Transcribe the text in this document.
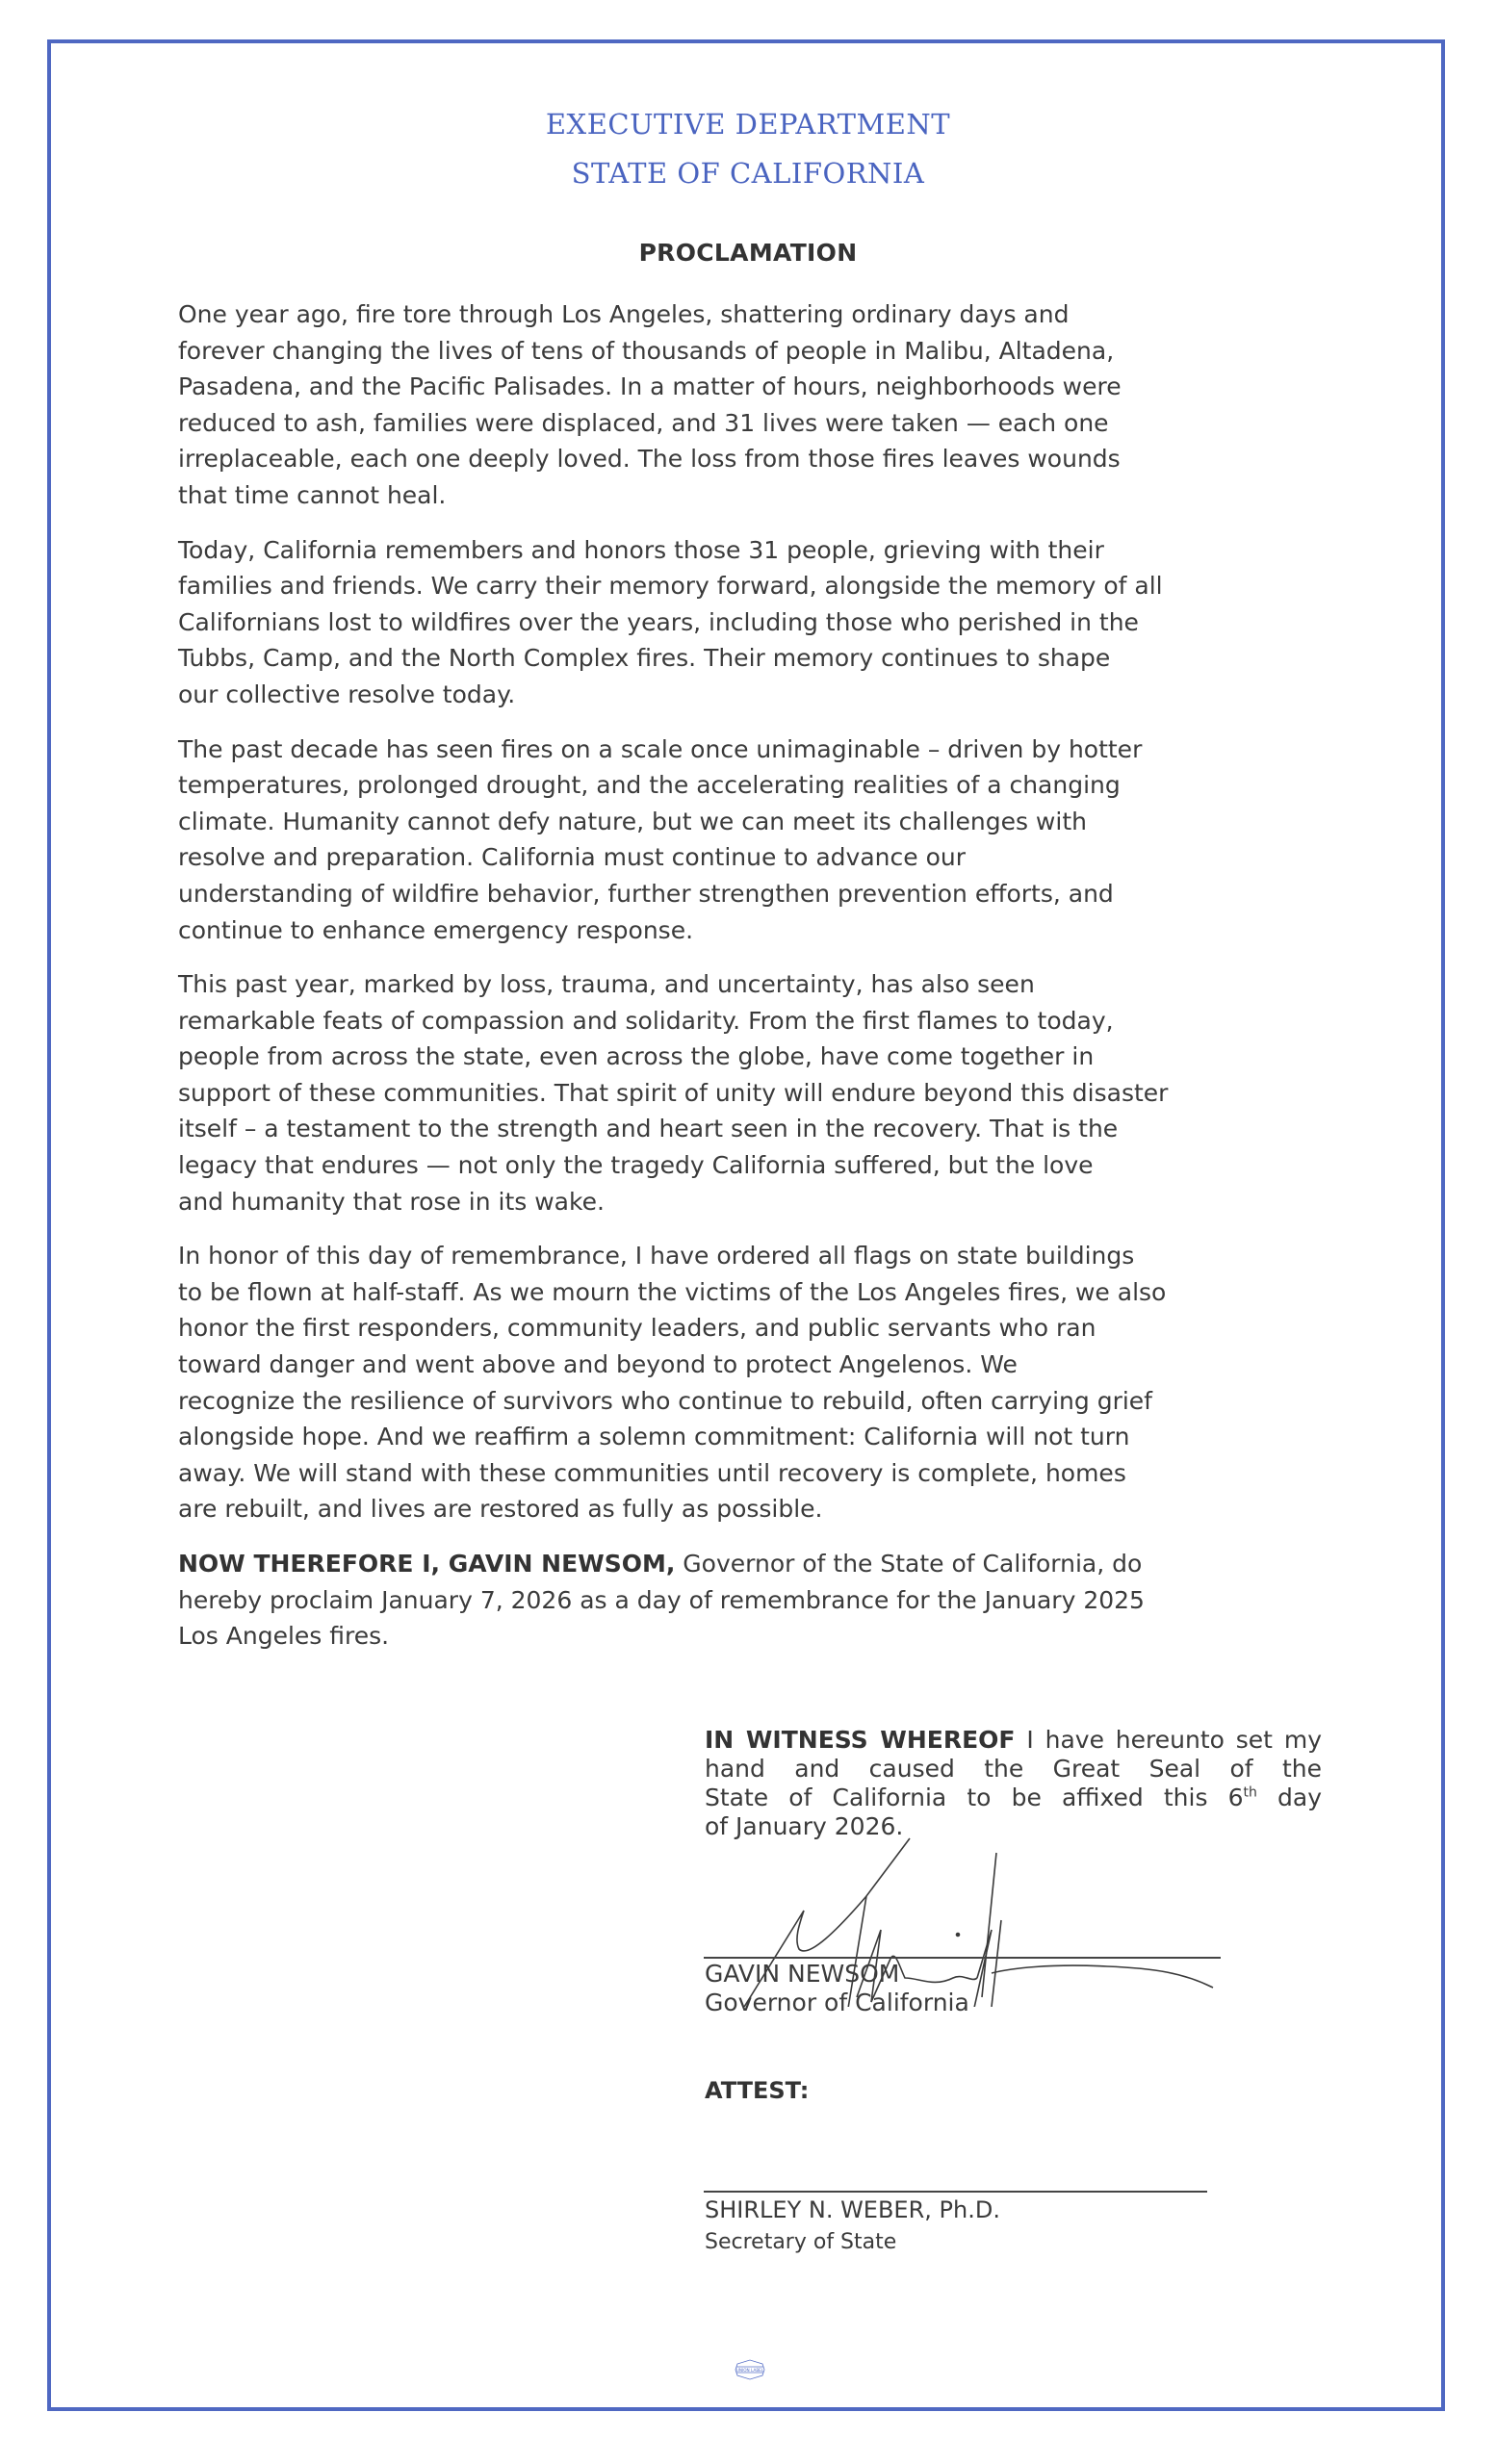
EXECUTIVE DEPARTMENT
STATE OF CALIFORNIA
PROCLAMATION
One year ago, fire tore through Los Angeles, shattering ordinary days and
forever changing the lives of tens of thousands of people in Malibu, Altadena,
Pasadena, and the Pacific Palisades. In a matter of hours, neighborhoods were
reduced to ash, families were displaced, and 31 lives were taken — each one
irreplaceable, each one deeply loved. The loss from those fires leaves wounds
that time cannot heal.
Today, California remembers and honors those 31 people, grieving with their
families and friends. We carry their memory forward, alongside the memory of all
Californians lost to wildfires over the years, including those who perished in the
Tubbs, Camp, and the North Complex fires. Their memory continues to shape
our collective resolve today.
The past decade has seen fires on a scale once unimaginable – driven by hotter
temperatures, prolonged drought, and the accelerating realities of a changing
climate. Humanity cannot defy nature, but we can meet its challenges with
resolve and preparation. California must continue to advance our
understanding of wildfire behavior, further strengthen prevention efforts, and
continue to enhance emergency response.
This past year, marked by loss, trauma, and uncertainty, has also seen
remarkable feats of compassion and solidarity. From the first flames to today,
people from across the state, even across the globe, have come together in
support of these communities. That spirit of unity will endure beyond this disaster
itself – a testament to the strength and heart seen in the recovery. That is the
legacy that endures — not only the tragedy California suffered, but the love
and humanity that rose in its wake.
In honor of this day of remembrance, I have ordered all flags on state buildings
to be flown at half-staff. As we mourn the victims of the Los Angeles fires, we also
honor the first responders, community leaders, and public servants who ran
toward danger and went above and beyond to protect Angelenos. We
recognize the resilience of survivors who continue to rebuild, often carrying grief
alongside hope. And we reaffirm a solemn commitment: California will not turn
away. We will stand with these communities until recovery is complete, homes
are rebuilt, and lives are restored as fully as possible.
NOW THEREFORE I, GAVIN NEWSOM, Governor of the State of California, do
hereby proclaim January 7, 2026 as a day of remembrance for the January 2025
Los Angeles fires.
IN WITNESS WHEREOF I have hereunto set my
hand and caused the Great Seal of the
State of California to be affixed this 6th day
of January 2026.
GAVIN NEWSOM
Governor of California
ATTEST:
SHIRLEY N. WEBER, Ph.D.
Secretary of State
UNION LABEL
